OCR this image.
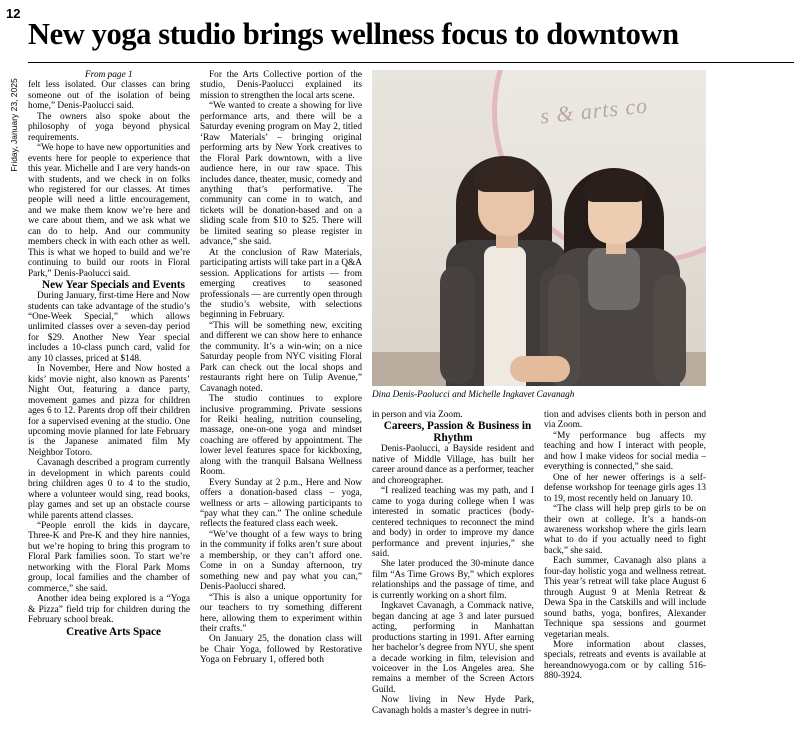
12
Friday, January 23, 2025
New yoga studio brings wellness focus to downtown
s & arts co
Dina Denis-Paolucci and Michelle Ingkavet Cavanagh

From page 1

felt less isolated. Our classes can bring someone out of the isolation of being home,” Denis-Paolucci said.

The owners also spoke about the philosophy of yoga beyond physical requirements.

“We hope to have new opportunities and events here for people to experience that this year. Michelle and I are very hands-on with students, and we check in on folks who registered for our classes. At times people will need a little encouragement, and we make them know we’re here and we care about them, and we ask what we can do to help. And our community members check in with each other as well. This is what we hoped to build and we’re continuing to build our roots in Floral Park,” Denis-Paolucci said.

New Year Specials and Events

During January, first-time Here and Now students can take advantage of the studio’s “One-Week Special,” which allows unlimited classes over a seven-day period for $29. Another New Year special includes a 10-class punch card, valid for any 10 classes, priced at $148.

In November, Here and Now hosted a kids’ movie night, also known as Parents’ Night Out, featuring a dance party, movement games and pizza for children ages 6 to 12. Parents drop off their children for a supervised evening at the studio. One upcoming movie planned for late February is the Japanese animated film My Neighbor Totoro.

Cavanagh described a program currently in development in which parents could bring children ages 0 to 4 to the studio, where a volunteer would sing, read books, play games and set up an obstacle course while parents attend classes.

“People enroll the kids in daycare, Three-K and Pre-K and they hire nannies, but we’re hoping to bring this program to Floral Park families soon. To start we’re networking with the Floral Park Moms group, local families and the chamber of commerce,” she said.

Another idea being explored is a “Yoga & Pizza” field trip for children during the February school break.

Creative Arts Space

For the Arts Collective portion of the studio, Denis-Paolucci explained its mission to strengthen the local arts scene.

“We wanted to create a showing for live performance arts, and there will be a Saturday evening program on May 2, titled ‘Raw Materials’ – bringing original performing arts by New York creatives to the Floral Park downtown, with a live audience here, in our raw space. This includes dance, theater, music, comedy and anything that’s performative. The community can come in to watch, and tickets will be donation-based and on a sliding scale from $10 to $25. There will be limited seating so please register in advance,” she said.

At the conclusion of Raw Materials, participating artists will take part in a Q&A session. Applications for artists — from emerging creatives to seasoned professionals — are currently open through the studio’s website, with selections beginning in February.

“This will be something new, exciting and different we can show here to enhance the community. It’s a win-win; on a nice Saturday people from NYC visiting Floral Park can check out the local shops and restaurants right here on Tulip Avenue,” Cavanagh noted.

The studio continues to explore inclusive programming. Private sessions for Reiki healing, nutrition counseling, massage, one-on-one yoga and mindset coaching are offered by appointment. The lower level features space for kickboxing, along with the tranquil Balsana Wellness Room.

Every Sunday at 2 p.m., Here and Now offers a donation-based class – yoga, wellness or arts – allowing participants to “pay what they can.” The online schedule reflects the featured class each week.

“We’ve thought of a few ways to bring in the community if folks aren’t sure about a membership, or they can’t afford one. Come in on a Sunday afternoon, try something new and pay what you can,” Denis-Paolucci shared.

“This is also a unique opportunity for our teachers to try something different here, allowing them to experiment within their crafts.”

On January 25, the donation class will be Chair Yoga, followed by Restorative Yoga on February 1, offered both

in person and via Zoom.

Careers, Passion & Business in Rhythm

Denis-Paolucci, a Bayside resident and native of Middle Village, has built her career around dance as a performer, teacher and choreographer.

“I realized teaching was my path, and I came to yoga during college when I was interested in somatic practices (body-centered techniques to reconnect the mind and body) in order to improve my dance performance and prevent injuries,” she said.

She later produced the 30-minute dance film “As Time Grows By,” which explores relationships and the passage of time, and is currently working on a short film.

Ingkavet Cavanagh, a Commack native, began dancing at age 3 and later pursued acting, performing in Manhattan productions starting in 1991. After earning her bachelor’s degree from NYU, she spent a decade working in film, television and voiceover in the Los Angeles area. She remains a member of the Screen Actors Guild.

Now living in New Hyde Park, Cavanagh holds a master’s degree in nutri-

tion and advises clients both in person and via Zoom.

“My performance bug affects my teaching and how I interact with people, and how I make videos for social media – everything is connected,” she said.

One of her newer offerings is a self-defense workshop for teenage girls ages 13 to 19, most recently held on January 10.

“The class will help prep girls to be on their own at college. It’s a hands-on awareness workshop where the girls learn what to do if you actually need to fight back,” she said.

Each summer, Cavanagh also plans a four-day holistic yoga and wellness retreat. This year’s retreat will take place August 6 through August 9 at Menla Retreat & Dewa Spa in the Catskills and will include sound baths, yoga, bonfires, Alexander Technique spa sessions and gourmet vegetarian meals.

More information about classes, specials, retreats and events is available at hereandnowyoga.com or by calling 516-880-3924.
